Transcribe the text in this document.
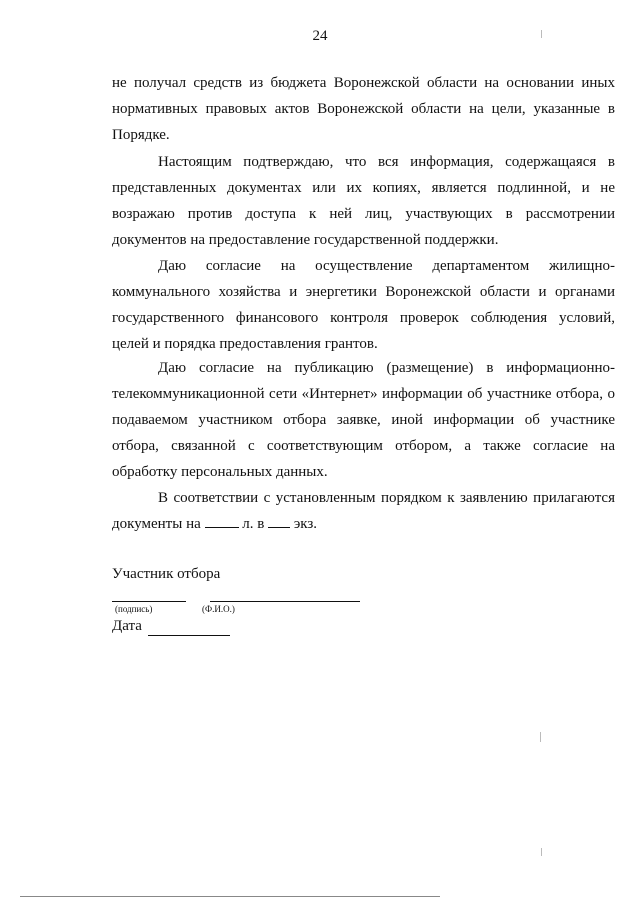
24

не получал средств из бюджета Воронежской области на основании иных нормативных правовых актов Воронежской области на цели, указанные в Порядке.

Настоящим подтверждаю, что вся информация, содержащаяся в представленных документах или их копиях, является подлинной, и не возражаю против доступа к ней лиц, участвующих в рассмотрении документов на предоставление государственной поддержки.

Даю согласие на осуществление департаментом жилищно-коммунального хозяйства и энергетики Воронежской области и органами государственного финансового контроля проверок соблюдения условий, целей и порядка предоставления грантов.

Даю согласие на публикацию (размещение) в информационно-телекоммуникационной сети «Интернет» информации об участнике отбора, о подаваемом участником отбора заявке, иной информации об участнике отбора, связанной с соответствующим отбором, а также согласие на обработку персональных данных.

В соответствии с установленным порядком к заявлению прилагаются

документы на	л. в экз.

Участник отбора
(подпись)	(Ф.И.О.)
Дата
